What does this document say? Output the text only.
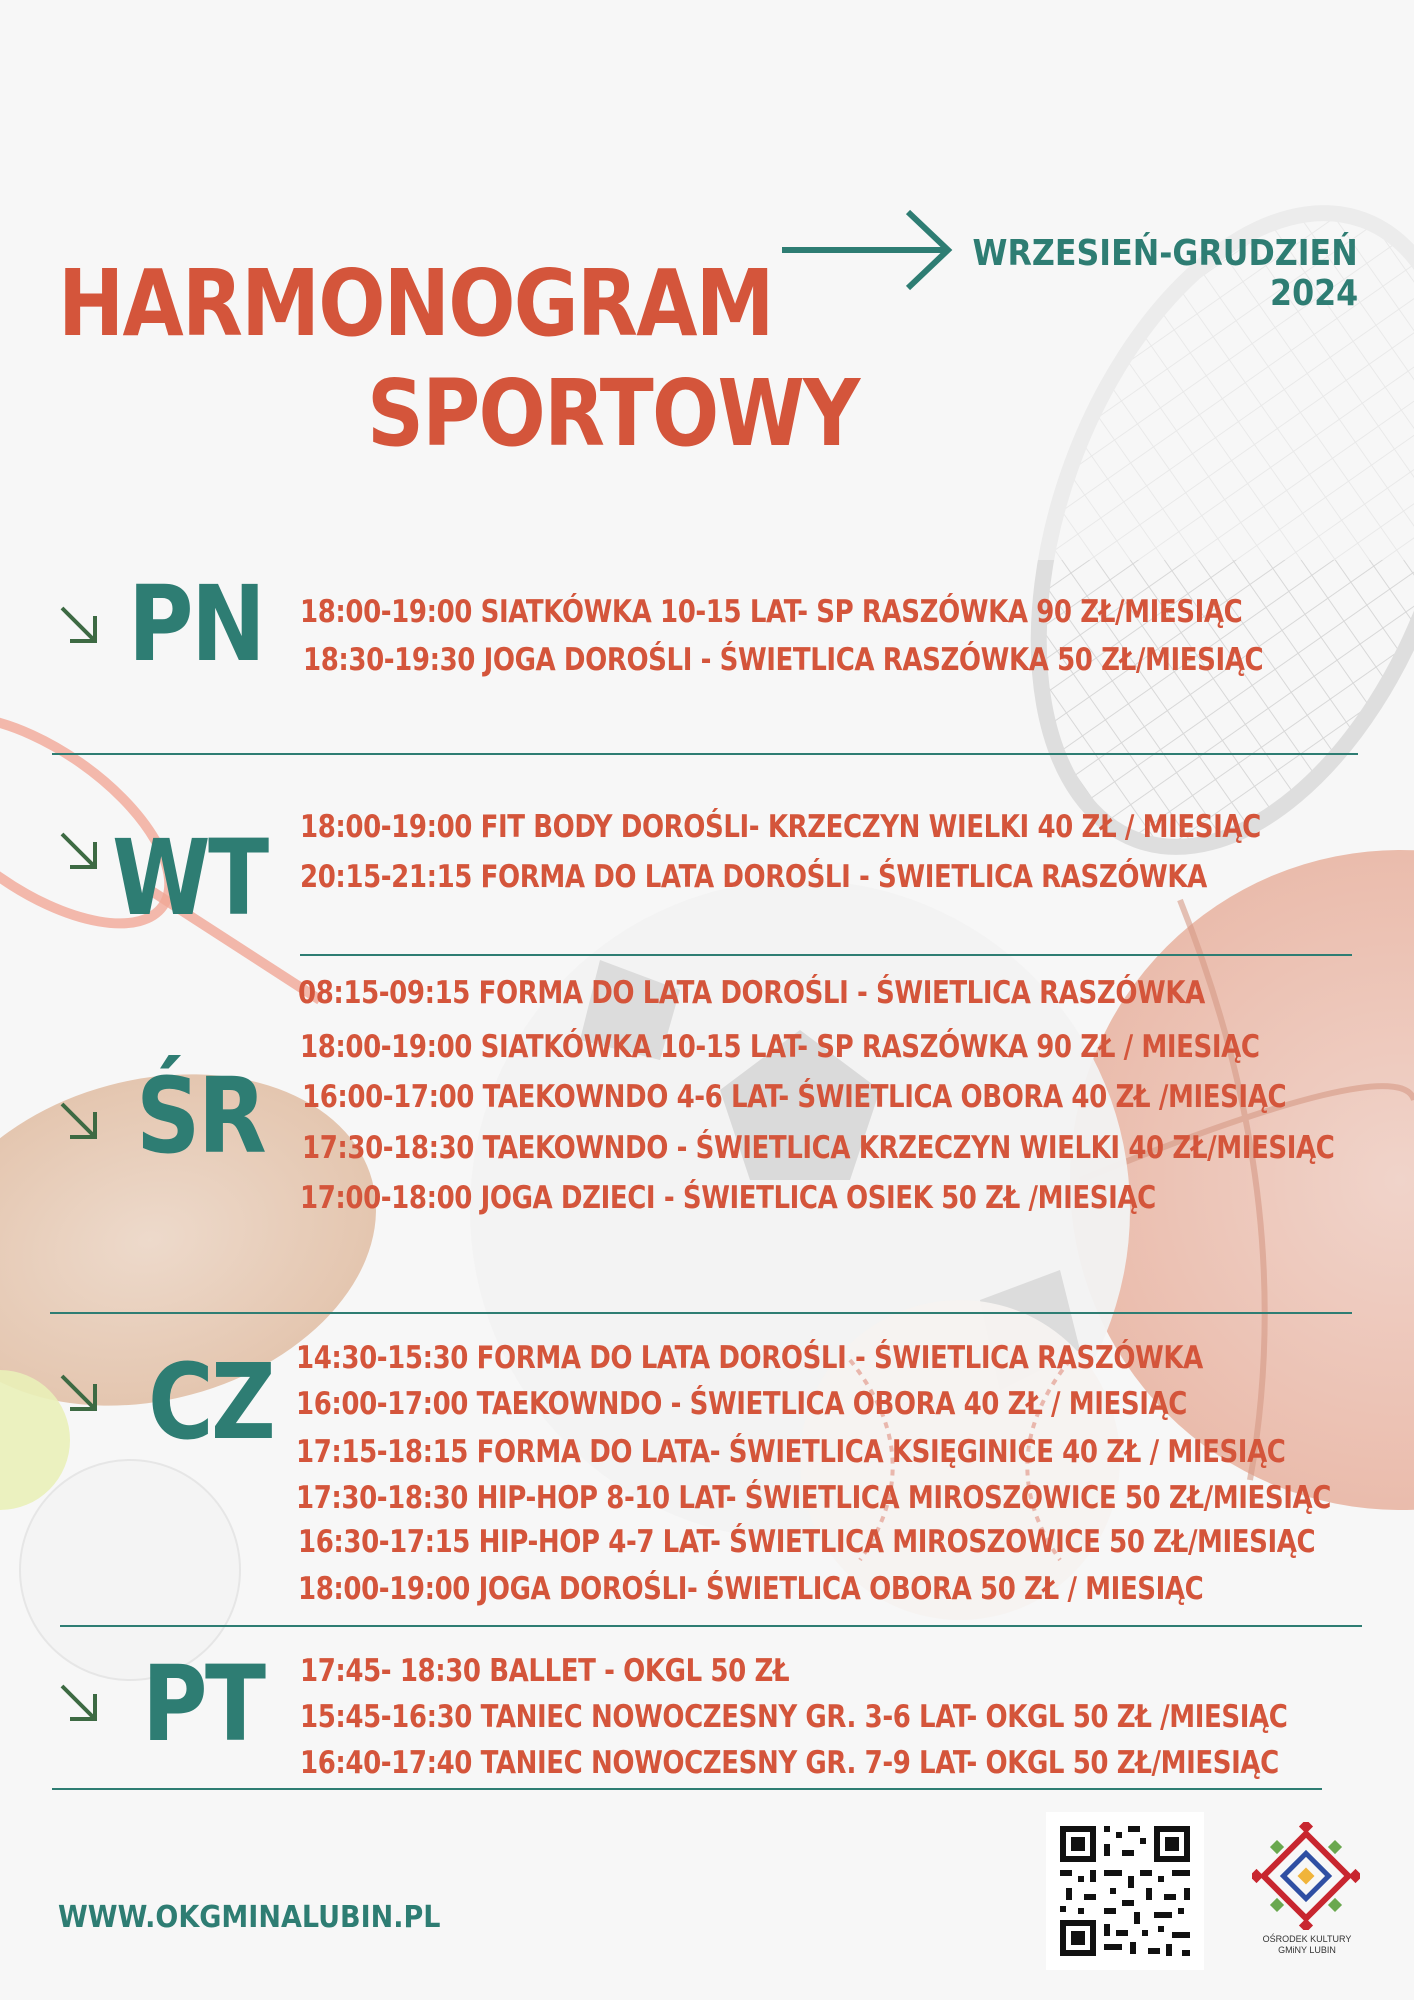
HARMONOGRAM
SPORTOWY
WRZESIEŃ-GRUDZIEŃ
2024
PN 18:00-19:00 SIATKÓWKA 10-15 LAT- SP RASZÓWKA 90 ZŁ/MIESIĄC
18:30-19:30 JOGA DOROŚLI - ŚWIETLICA RASZÓWKA 50 ZŁ/MIESIĄC
WT 18:00-19:00 FIT BODY DOROŚLI- KRZECZYN WIELKI 40 ZŁ / MIESIĄC
20:15-21:15 FORMA DO LATA DOROŚLI - ŚWIETLICA RASZÓWKA
ŚR
08:15-09:15 FORMA DO LATA DOROŚLI - ŚWIETLICA RASZÓWKA
18:00-19:00 SIATKÓWKA 10-15 LAT- SP RASZÓWKA 90 ZŁ / MIESIĄC
16:00-17:00 TAEKOWNDO 4-6 LAT- ŚWIETLICA OBORA 40 ZŁ /MIESIĄC
17:30-18:30 TAEKOWNDO - ŚWIETLICA KRZECZYN WIELKI 40 ZŁ/MIESIĄC
17:00-18:00 JOGA DZIECI - ŚWIETLICA OSIEK 50 ZŁ /MIESIĄC
CZ 14:30-15:30 FORMA DO LATA DOROŚLI - ŚWIETLICA RASZÓWKA
16:00-17:00 TAEKOWNDO - ŚWIETLICA OBORA 40 ZŁ / MIESIĄC
17:15-18:15 FORMA DO LATA- ŚWIETLICA KSIĘGINICE 40 ZŁ / MIESIĄC
17:30-18:30 HIP-HOP 8-10 LAT- ŚWIETLICA MIROSZOWICE 50 ZŁ/MIESIĄC
16:30-17:15 HIP-HOP 4-7 LAT- ŚWIETLICA MIROSZOWICE 50 ZŁ/MIESIĄC
18:00-19:00 JOGA DOROŚLI- ŚWIETLICA OBORA 50 ZŁ / MIESIĄC
PT 17:45- 18:30 BALLET - OKGL 50 ZŁ
15:45-16:30 TANIEC NOWOCZESNY GR. 3-6 LAT- OKGL 50 ZŁ /MIESIĄC
16:40-17:40 TANIEC NOWOCZESNY GR. 7-9 LAT- OKGL 50 ZŁ/MIESIĄC
WWW.OKGMINALUBIN.PL
OŚRODEK KULTURY
GMiNY LUBIN
